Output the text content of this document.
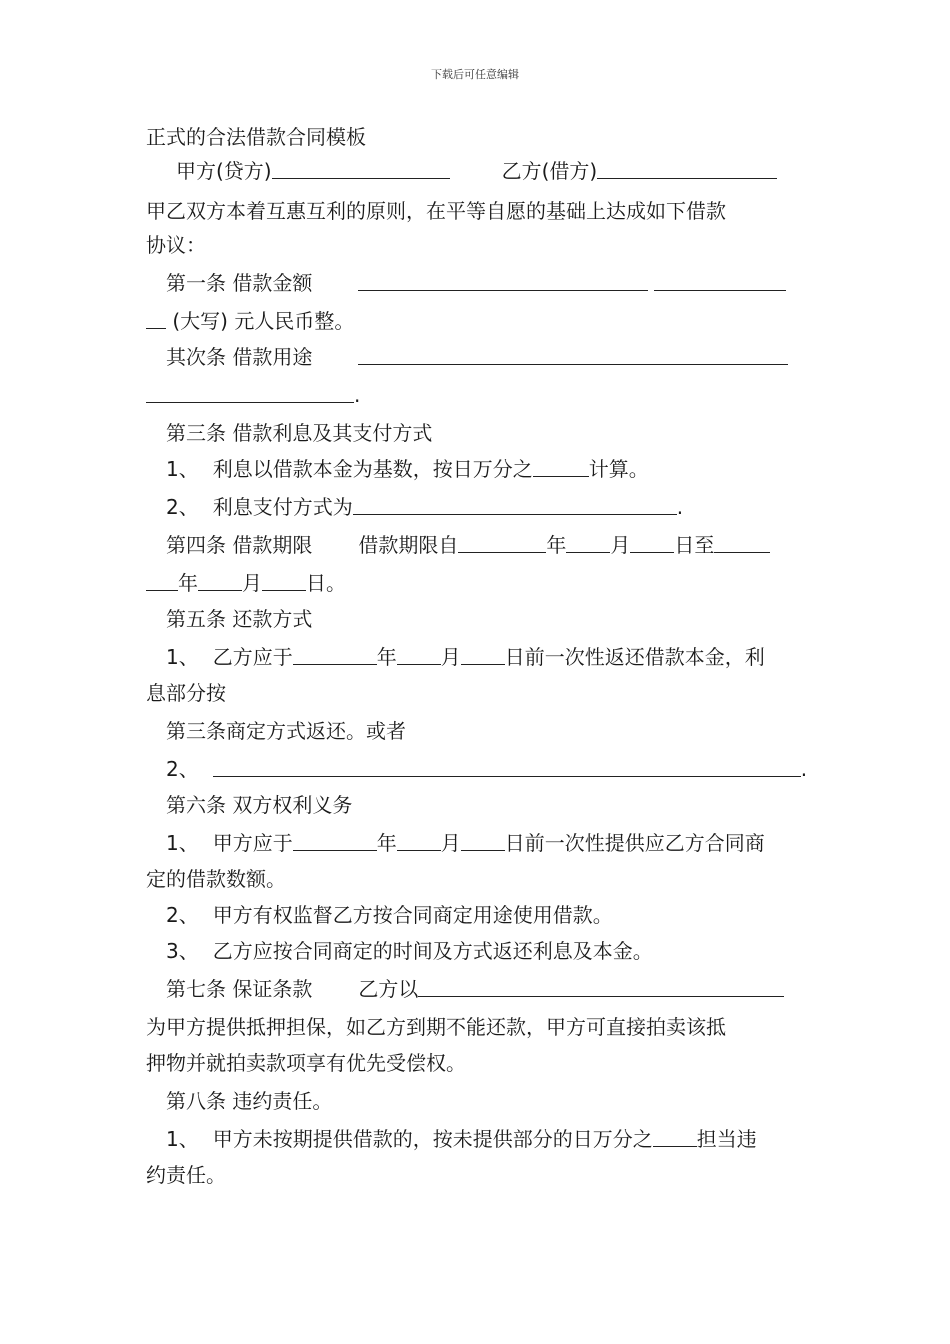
下载后可任意编辑
正式的合法借款合同模板
甲方(贷方)	乙方(借方)
甲乙双方本着互惠互利的原则，在平等自愿的基础上达成如下借款
协议：
第一条 借款金额
(大写) 元人民币整。
其次条 借款用途
.
第三条 借款利息及其支付方式
1、 利息以借款本金为基数，按日万分之	计算。
2、 利息支付方式为	.
第四条 借款期限 借款期限自	年 月 日至
年 月 日。
第五条 还款方式
1、 乙方应于	年 月 日前一次性返还借款本金，利
息部分按
第三条商定方式返还。或者
2、	.
第六条 双方权利义务
1、 甲方应于	年 月 日前一次性提供应乙方合同商
定的借款数额。
2、 甲方有权监督乙方按合同商定用途使用借款。
3、 乙方应按合同商定的时间及方式返还利息及本金。
第七条 保证条款 乙方以
为甲方提供抵押担保，如乙方到期不能还款，甲方可直接拍卖该抵
押物并就拍卖款项享有优先受偿权。
第八条 违约责任。
1、 甲方未按期提供借款的，按未提供部分的日万分之 担当违
约责任。
